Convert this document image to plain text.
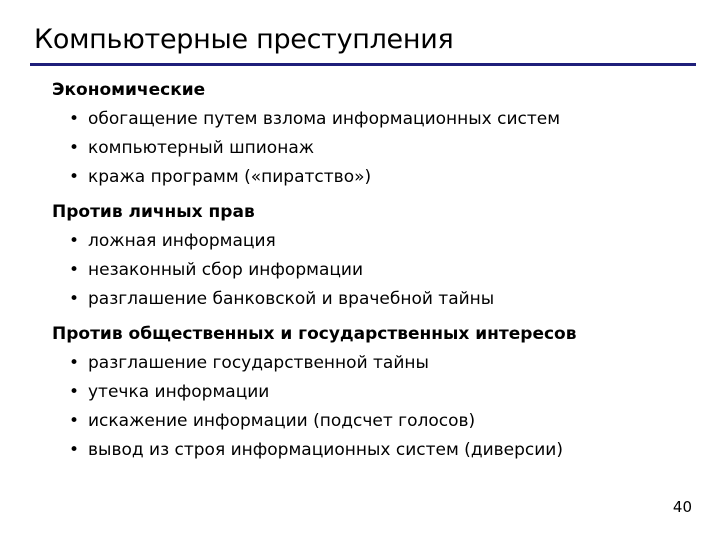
Компьютерные преступления
Экономические
• обогащение путем взлома информационных систем
• компьютерный шпионаж
• кража программ («пиратство»)
Против личных прав
• ложная информация
• незаконный сбор информации
• разглашение банковской и врачебной тайны
Против общественных и государственных интересов
• разглашение государственной тайны
• утечка информации
• искажение информации (подсчет голосов)
• вывод из строя информационных систем (диверсии)
40
